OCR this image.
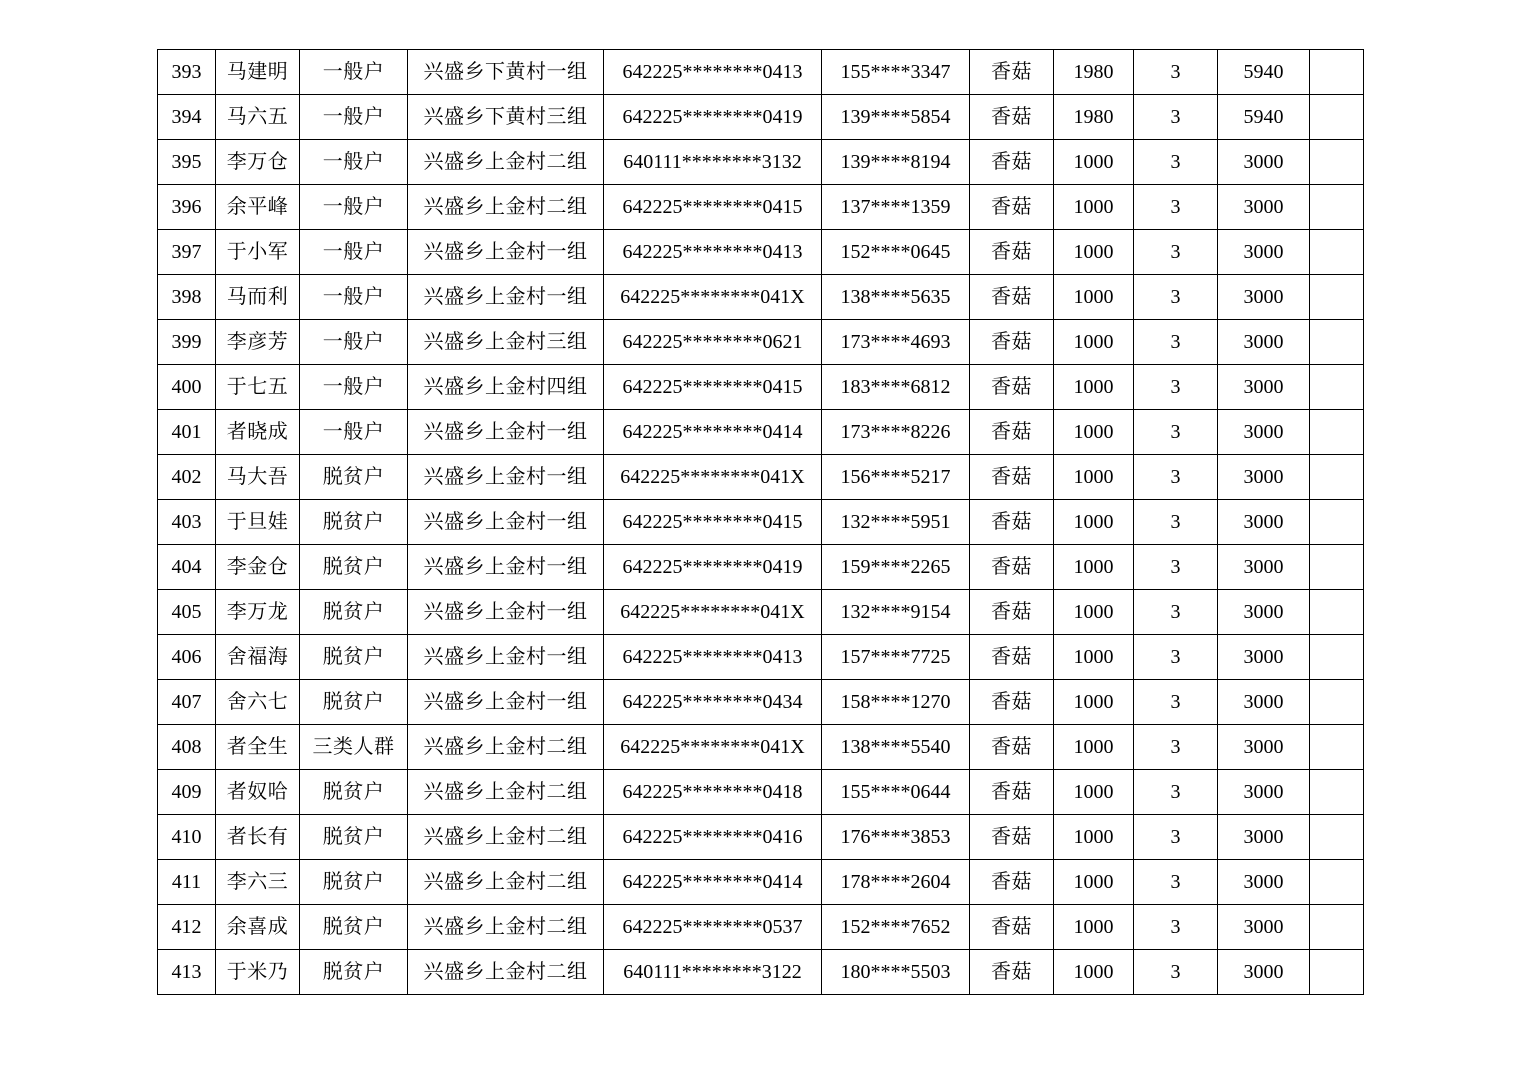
393	马建明	一般户	兴盛乡下黄村一组	642225********0413	155****3347	香菇	1980	3	5940	
394	马六五	一般户	兴盛乡下黄村三组	642225********0419	139****5854	香菇	1980	3	5940	
395	李万仓	一般户	兴盛乡上金村二组	640111********3132	139****8194	香菇	1000	3	3000	
396	余平峰	一般户	兴盛乡上金村二组	642225********0415	137****1359	香菇	1000	3	3000	
397	于小军	一般户	兴盛乡上金村一组	642225********0413	152****0645	香菇	1000	3	3000	
398	马而利	一般户	兴盛乡上金村一组	642225********041X	138****5635	香菇	1000	3	3000	
399	李彦芳	一般户	兴盛乡上金村三组	642225********0621	173****4693	香菇	1000	3	3000	
400	于七五	一般户	兴盛乡上金村四组	642225********0415	183****6812	香菇	1000	3	3000	
401	者晓成	一般户	兴盛乡上金村一组	642225********0414	173****8226	香菇	1000	3	3000	
402	马大吾	脱贫户	兴盛乡上金村一组	642225********041X	156****5217	香菇	1000	3	3000	
403	于旦娃	脱贫户	兴盛乡上金村一组	642225********0415	132****5951	香菇	1000	3	3000	
404	李金仓	脱贫户	兴盛乡上金村一组	642225********0419	159****2265	香菇	1000	3	3000	
405	李万龙	脱贫户	兴盛乡上金村一组	642225********041X	132****9154	香菇	1000	3	3000	
406	舍福海	脱贫户	兴盛乡上金村一组	642225********0413	157****7725	香菇	1000	3	3000	
407	舍六七	脱贫户	兴盛乡上金村一组	642225********0434	158****1270	香菇	1000	3	3000	
408	者全生	三类人群	兴盛乡上金村二组	642225********041X	138****5540	香菇	1000	3	3000	
409	者奴哈	脱贫户	兴盛乡上金村二组	642225********0418	155****0644	香菇	1000	3	3000	
410	者长有	脱贫户	兴盛乡上金村二组	642225********0416	176****3853	香菇	1000	3	3000	
411	李六三	脱贫户	兴盛乡上金村二组	642225********0414	178****2604	香菇	1000	3	3000	
412	余喜成	脱贫户	兴盛乡上金村二组	642225********0537	152****7652	香菇	1000	3	3000	
413	于米乃	脱贫户	兴盛乡上金村二组	640111********3122	180****5503	香菇	1000	3	3000	
